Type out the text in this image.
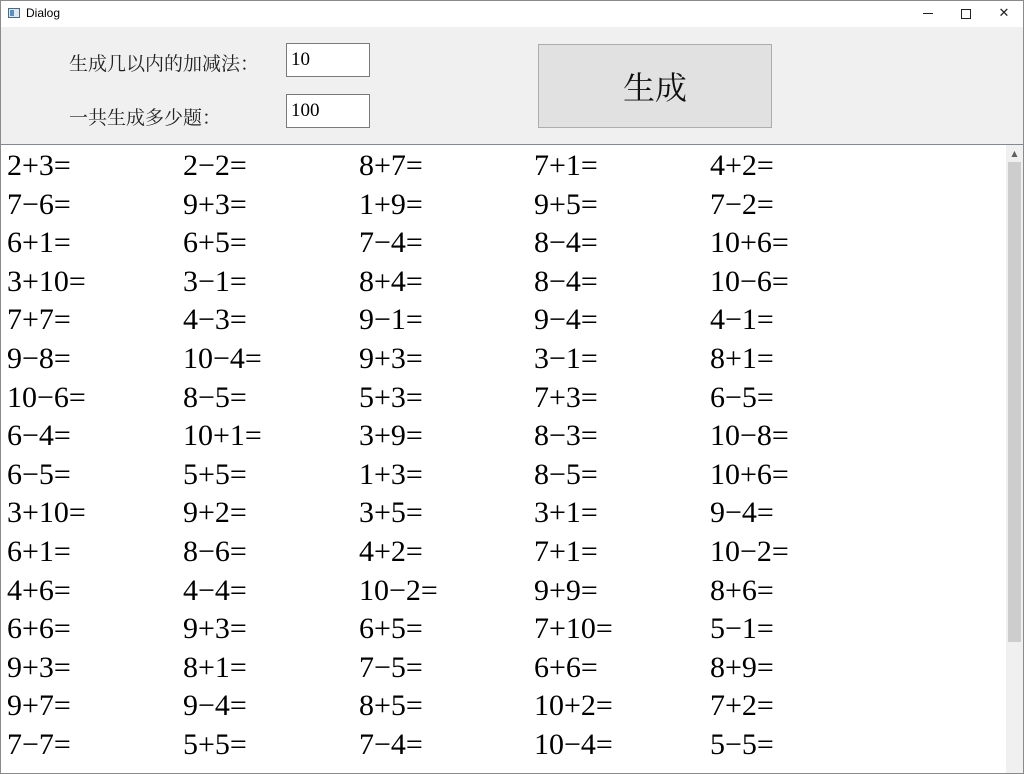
Dialog	✕
生成几以内的加减法：
10
一共生成多少题：
100
生成
2+3=	2−2=	8+7=	7+1=	4+2=
7−6=	9+3=	1+9=	9+5=	7−2=
6+1=	6+5=	7−4=	8−4=	10+6=
3+10=	3−1=	8+4=	8−4=	10−6=
7+7=	4−3=	9−1=	9−4=	4−1=
9−8=	10−4=	9+3=	3−1=	8+1=
10−6=	8−5=	5+3=	7+3=	6−5=
6−4=	10+1=	3+9=	8−3=	10−8=
6−5=	5+5=	1+3=	8−5=	10+6=
3+10=	9+2=	3+5=	3+1=	9−4=
6+1=	8−6=	4+2=	7+1=	10−2=
4+6=	4−4=	10−2=	9+9=	8+6=
6+6=	9+3=	6+5=	7+10=	5−1=
9+3=	8+1=	7−5=	6+6=	8+9=
9+7=	9−4=	8+5=	10+2=	7+2=
7−7=	5+5=	7−4=	10−4=	5−5=
▲
